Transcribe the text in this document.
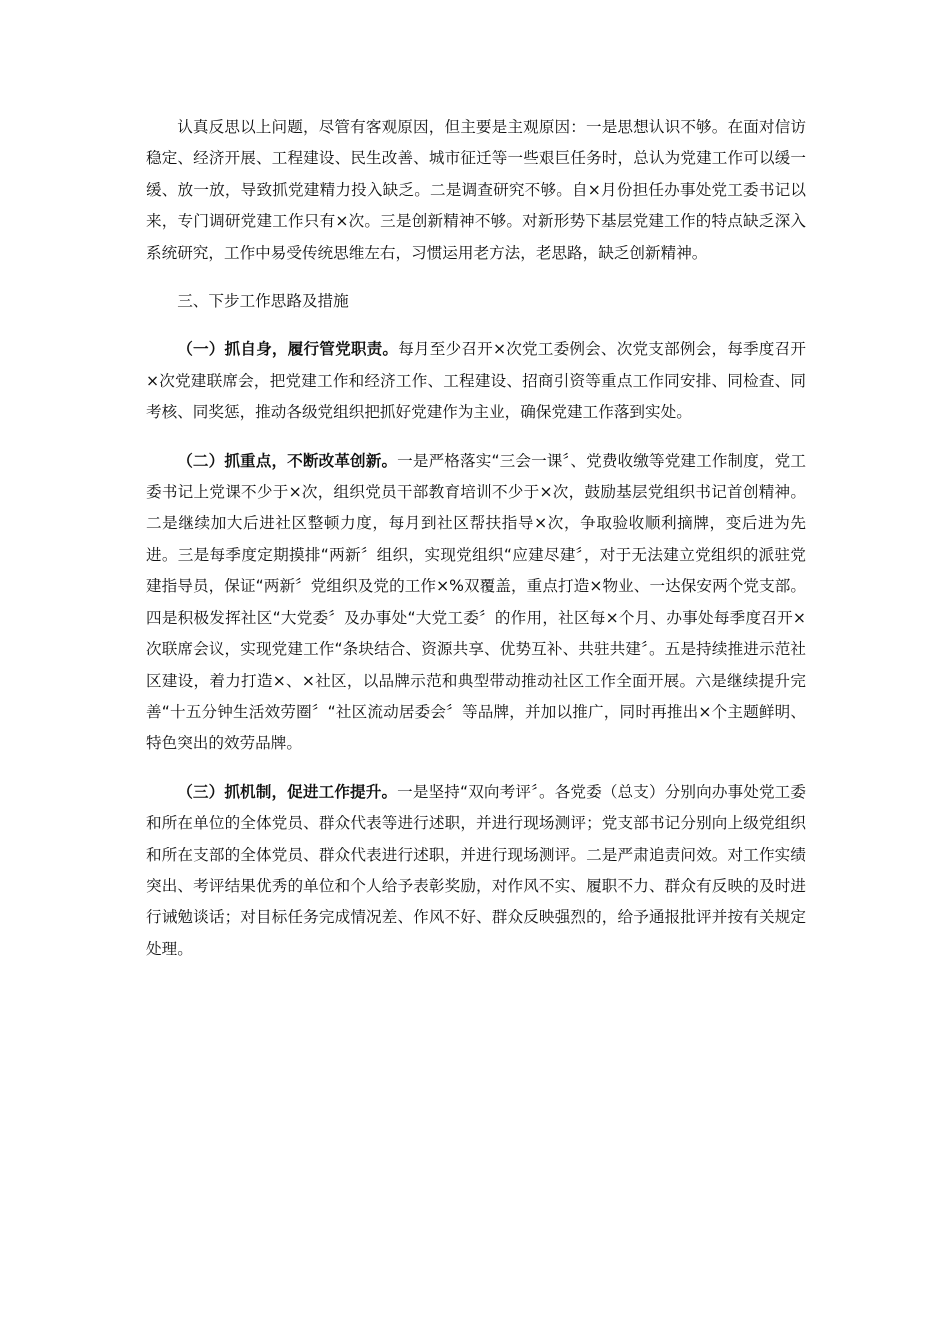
认真反思以上问题，尽管有客观原因，但主要是主观原因：一是思想认识不够。在面对信访稳定、经济开展、工程建设、民生改善、城市征迁等一些艰巨任务时，总认为党建工作可以缓一缓、放一放，导致抓党建精力投入缺乏。二是调查研究不够。自×月份担任办事处党工委书记以来，专门调研党建工作只有×次。三是创新精神不够。对新形势下基层党建工作的特点缺乏深入系统研究，工作中易受传统思维左右，习惯运用老方法，老思路，缺乏创新精神。

三、下步工作思路及措施

（一）抓自身，履行管党职责。每月至少召开×次党工委例会、次党支部例会，每季度召开×次党建联席会，把党建工作和经济工作、工程建设、招商引资等重点工作同安排、同检查、同考核、同奖惩，推动各级党组织把抓好党建作为主业，确保党建工作落到实处。

（二）抓重点，不断改革创新。一是严格落实“三会一课〞、党费收缴等党建工作制度，党工委书记上党课不少于×次，组织党员干部教育培训不少于×次，鼓励基层党组织书记首创精神。二是继续加大后进社区整顿力度，每月到社区帮扶指导×次，争取验收顺利摘牌，变后进为先进。三是每季度定期摸排“两新〞组织，实现党组织“应建尽建〞，对于无法建立党组织的派驻党建指导员，保证“两新〞党组织及党的工作×%双覆盖，重点打造×物业、一达保安两个党支部。四是积极发挥社区“大党委〞及办事处“大党工委〞的作用，社区每×个月、办事处每季度召开×次联席会议，实现党建工作“条块结合、资源共享、优势互补、共驻共建〞。五是持续推进示范社区建设，着力打造×、×社区，以品牌示范和典型带动推动社区工作全面开展。六是继续提升完善“十五分钟生活效劳圈〞“社区流动居委会〞等品牌，并加以推广，同时再推出×个主题鲜明、特色突出的效劳品牌。

（三）抓机制，促进工作提升。一是坚持“双向考评〞。各党委（总支）分别向办事处党工委和所在单位的全体党员、群众代表等进行述职，并进行现场测评；党支部书记分别向上级党组织和所在支部的全体党员、群众代表进行述职，并进行现场测评。二是严肃追责问效。对工作实绩突出、考评结果优秀的单位和个人给予表彰奖励，对作风不实、履职不力、群众有反映的及时进行诫勉谈话；对目标任务完成情况差、作风不好、群众反映强烈的，给予通报批评并按有关规定处理。
